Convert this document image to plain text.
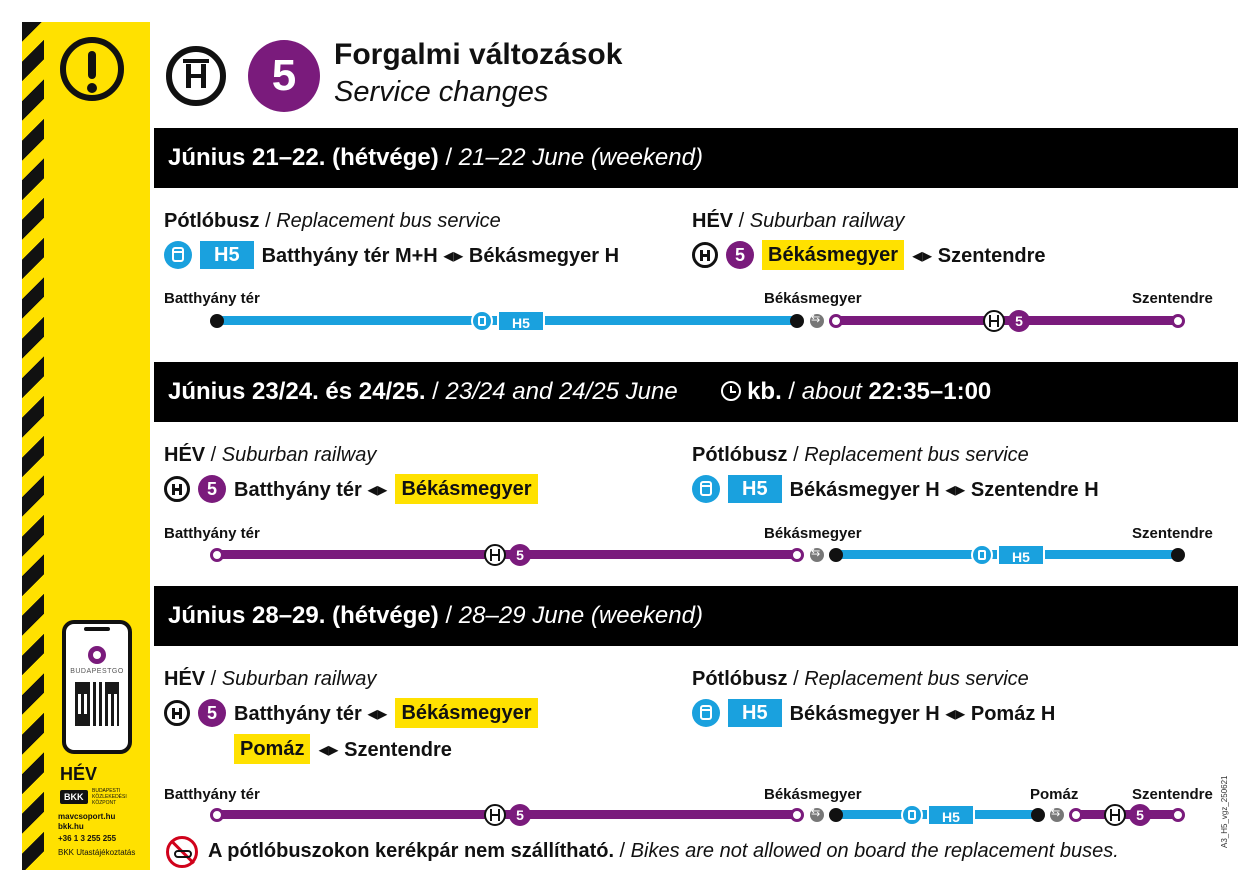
BUDAPESTGO
HÉV
BKK
BUDAPESTI KÖZLEKEDÉSI KÖZPONT
mavcsoport.hu
bkk.hu
+36 1 3 255 255
BKK Utastájékoztatás
5	Forgalmi változások
Service changes
Június 21–22. (hétvége) / 21–22 June (weekend)
Pótlóbusz / Replacement bus service
H5	Batthyány tér M+H ◂▸ Békásmegyer H
HÉV / Suburban railway
5	Békásmegyer ◂▸ Szentendre
Batthyány tér	Békásmegyer	Szentendre
⇆
H5	5
Június 23/24. és 24/25. / 23/24 and 24/25 June	kb. / about 22:35–1:00
HÉV / Suburban railway
5 Batthyány tér ◂▸ Békásmegyer
Pótlóbusz / Replacement bus service
H5	Békásmegyer H ◂▸ Szentendre H
Batthyány tér	Békásmegyer	Szentendre
⇆
5	H5
Június 28–29. (hétvége) / 28–29 June (weekend)
HÉV / Suburban railway
5 Batthyány tér ◂▸ Békásmegyer
Pomáz ◂▸ Szentendre
Pótlóbusz / Replacement bus service
H5	Békásmegyer H ◂▸ Pomáz H
Batthyány tér	Békásmegyer	Pomáz	Szentendre
⇆
⇆
5	H5	5
A pótlóbuszokon kerékpár nem szállítható. / Bikes are not allowed on board the replacement buses.
A3_H5_vgz_250621
